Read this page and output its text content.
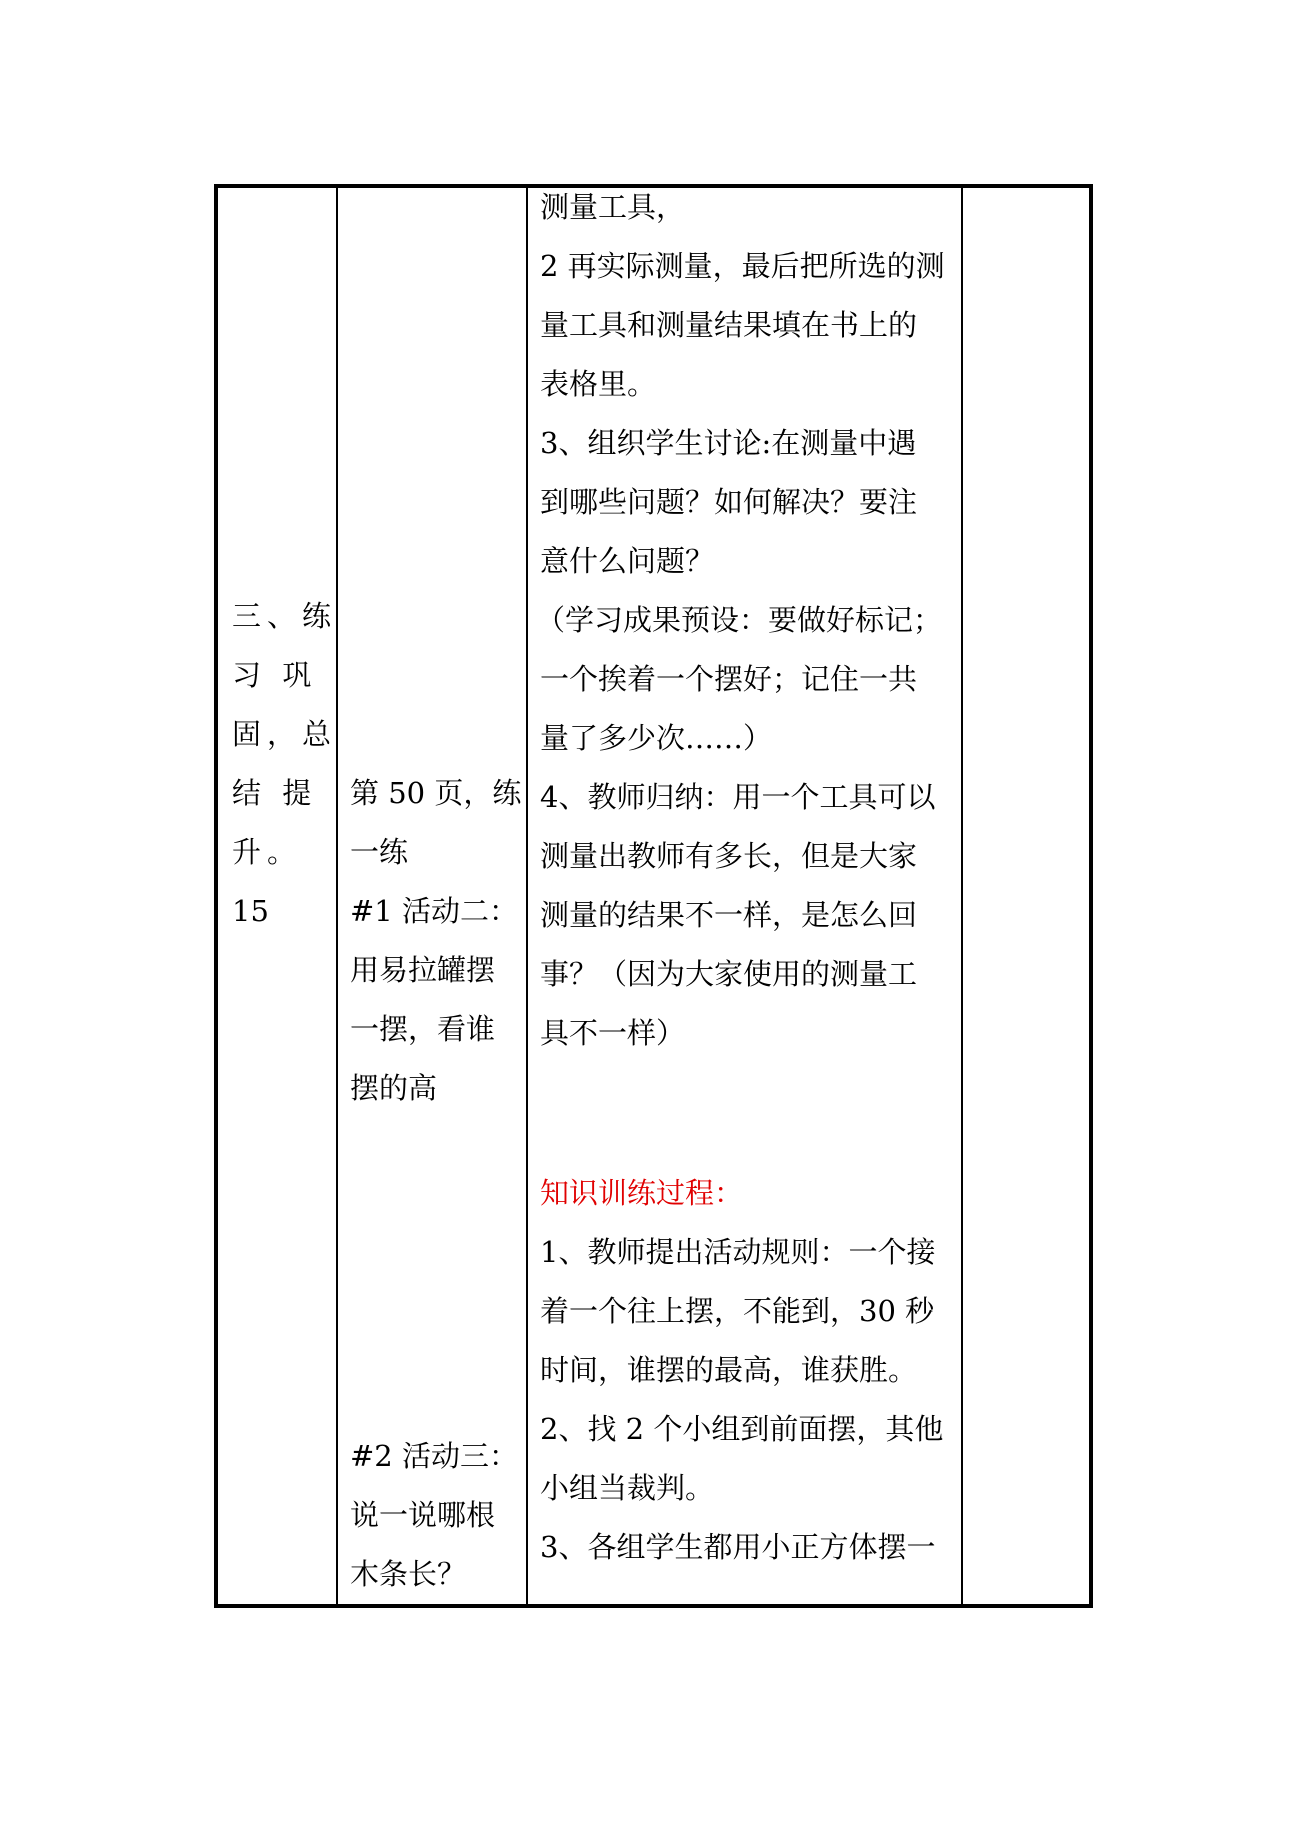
三、练
习 巩
固，总
结 提
升。
15
第 50 页，练
一练
#1 活动二：
用易拉罐摆
一摆，看谁
摆的高
#2 活动三：
说一说哪根
木条长？
测量工具，
2 再实际测量，最后把所选的测
量工具和测量结果填在书上的
表格里。
3、组织学生讨论:在测量中遇
到哪些问题？如何解决？要注
意什么问题？
（学习成果预设：要做好标记；
一个挨着一个摆好；记住一共
量了多少次……）
4、教师归纳：用一个工具可以
测量出教师有多长，但是大家
测量的结果不一样，是怎么回
事？（因为大家使用的测量工
具不一样）
知识训练过程：
1、教师提出活动规则：一个接
着一个往上摆，不能到，30 秒
时间，谁摆的最高，谁获胜。
2、找 2 个小组到前面摆，其他
小组当裁判。
3、各组学生都用小正方体摆一
